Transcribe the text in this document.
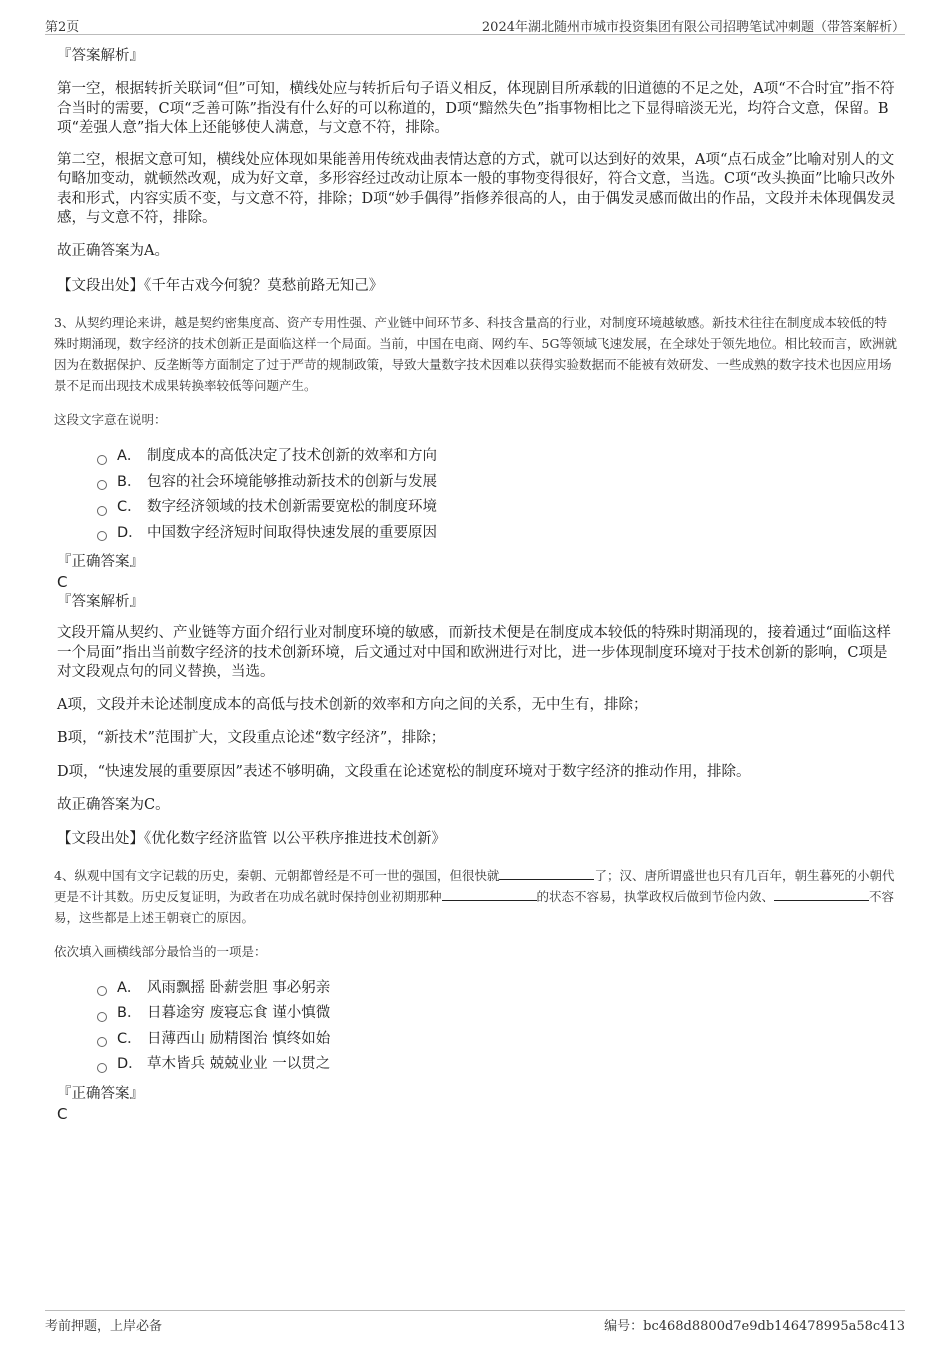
第2页	2024年湖北随州市城市投资集团有限公司招聘笔试冲刺题（带答案解析）

『答案解析』

第一空，根据转折关联词“但”可知，横线处应与转折后句子语义相反，体现剧目所承载的旧道德的不足之处，A项“不合时宜”指不符合当时的需要，C项“乏善可陈”指没有什么好的可以称道的，D项“黯然失色”指事物相比之下显得暗淡无光，均符合文意，保留。B项“差强人意”指大体上还能够使人满意，与文意不符，排除。

第二空，根据文意可知，横线处应体现如果能善用传统戏曲表情达意的方式，就可以达到好的效果，A项“点石成金”比喻对别人的文句略加变动，就顿然改观，成为好文章，多形容经过改动让原本一般的事物变得很好，符合文意，当选。C项“改头换面”比喻只改外表和形式，内容实质不变，与文意不符，排除；D项“妙手偶得”指修养很高的人，由于偶发灵感而做出的作品，文段并未体现偶发灵感，与文意不符，排除。

故正确答案为A。

【文段出处】《千年古戏今何貌？莫愁前路无知己》

3、从契约理论来讲，越是契约密集度高、资产专用性强、产业链中间环节多、科技含量高的行业，对制度环境越敏感。新技术往往在制度成本较低的特殊时期涌现，数字经济的技术创新正是面临这样一个局面。当前，中国在电商、网约车、5G等领域飞速发展，在全球处于领先地位。相比较而言，欧洲就因为在数据保护、反垄断等方面制定了过于严苛的规制政策，导致大量数字技术因难以获得实验数据而不能被有效研发、一些成熟的数字技术也因应用场景不足而出现技术成果转换率较低等问题产生。

这段文字意在说明：

A． 制度成本的高低决定了技术创新的效率和方向
B． 包容的社会环境能够推动新技术的创新与发展
C． 数字经济领域的技术创新需要宽松的制度环境
D． 中国数字经济短时间取得快速发展的重要原因

『正确答案』

C

『答案解析』

文段开篇从契约、产业链等方面介绍行业对制度环境的敏感，而新技术便是在制度成本较低的特殊时期涌现的，接着通过“面临这样一个局面”指出当前数字经济的技术创新环境，后文通过对中国和欧洲进行对比，进一步体现制度环境对于技术创新的影响，C项是对文段观点句的同义替换，当选。

A项，文段并未论述制度成本的高低与技术创新的效率和方向之间的关系，无中生有，排除；

B项，“新技术”范围扩大，文段重点论述“数字经济”，排除；

D项，“快速发展的重要原因”表述不够明确，文段重在论述宽松的制度环境对于数字经济的推动作用，排除。

故正确答案为C。

【文段出处】《优化数字经济监管 以公平秩序推进技术创新》

4、纵观中国有文字记载的历史，秦朝、元朝都曾经是不可一世的强国，但很快就	了；汉、唐所谓盛世也只有几百年，朝生暮死的小朝代更是不计其数。历史反复证明，为政者在功成名就时保持创业初期那种	的状态不容易，执掌政权后做到节俭内敛、	不容易，这些都是上述王朝衰亡的原因。

依次填入画横线部分最恰当的一项是：

A． 风雨飘摇 卧薪尝胆 事必躬亲
B． 日暮途穷 废寝忘食 谨小慎微
C． 日薄西山 励精图治 慎终如始
D． 草木皆兵 兢兢业业 一以贯之

『正确答案』

C

考前押题，上岸必备	编号：bc468d8800d7e9db146478995a58c413
